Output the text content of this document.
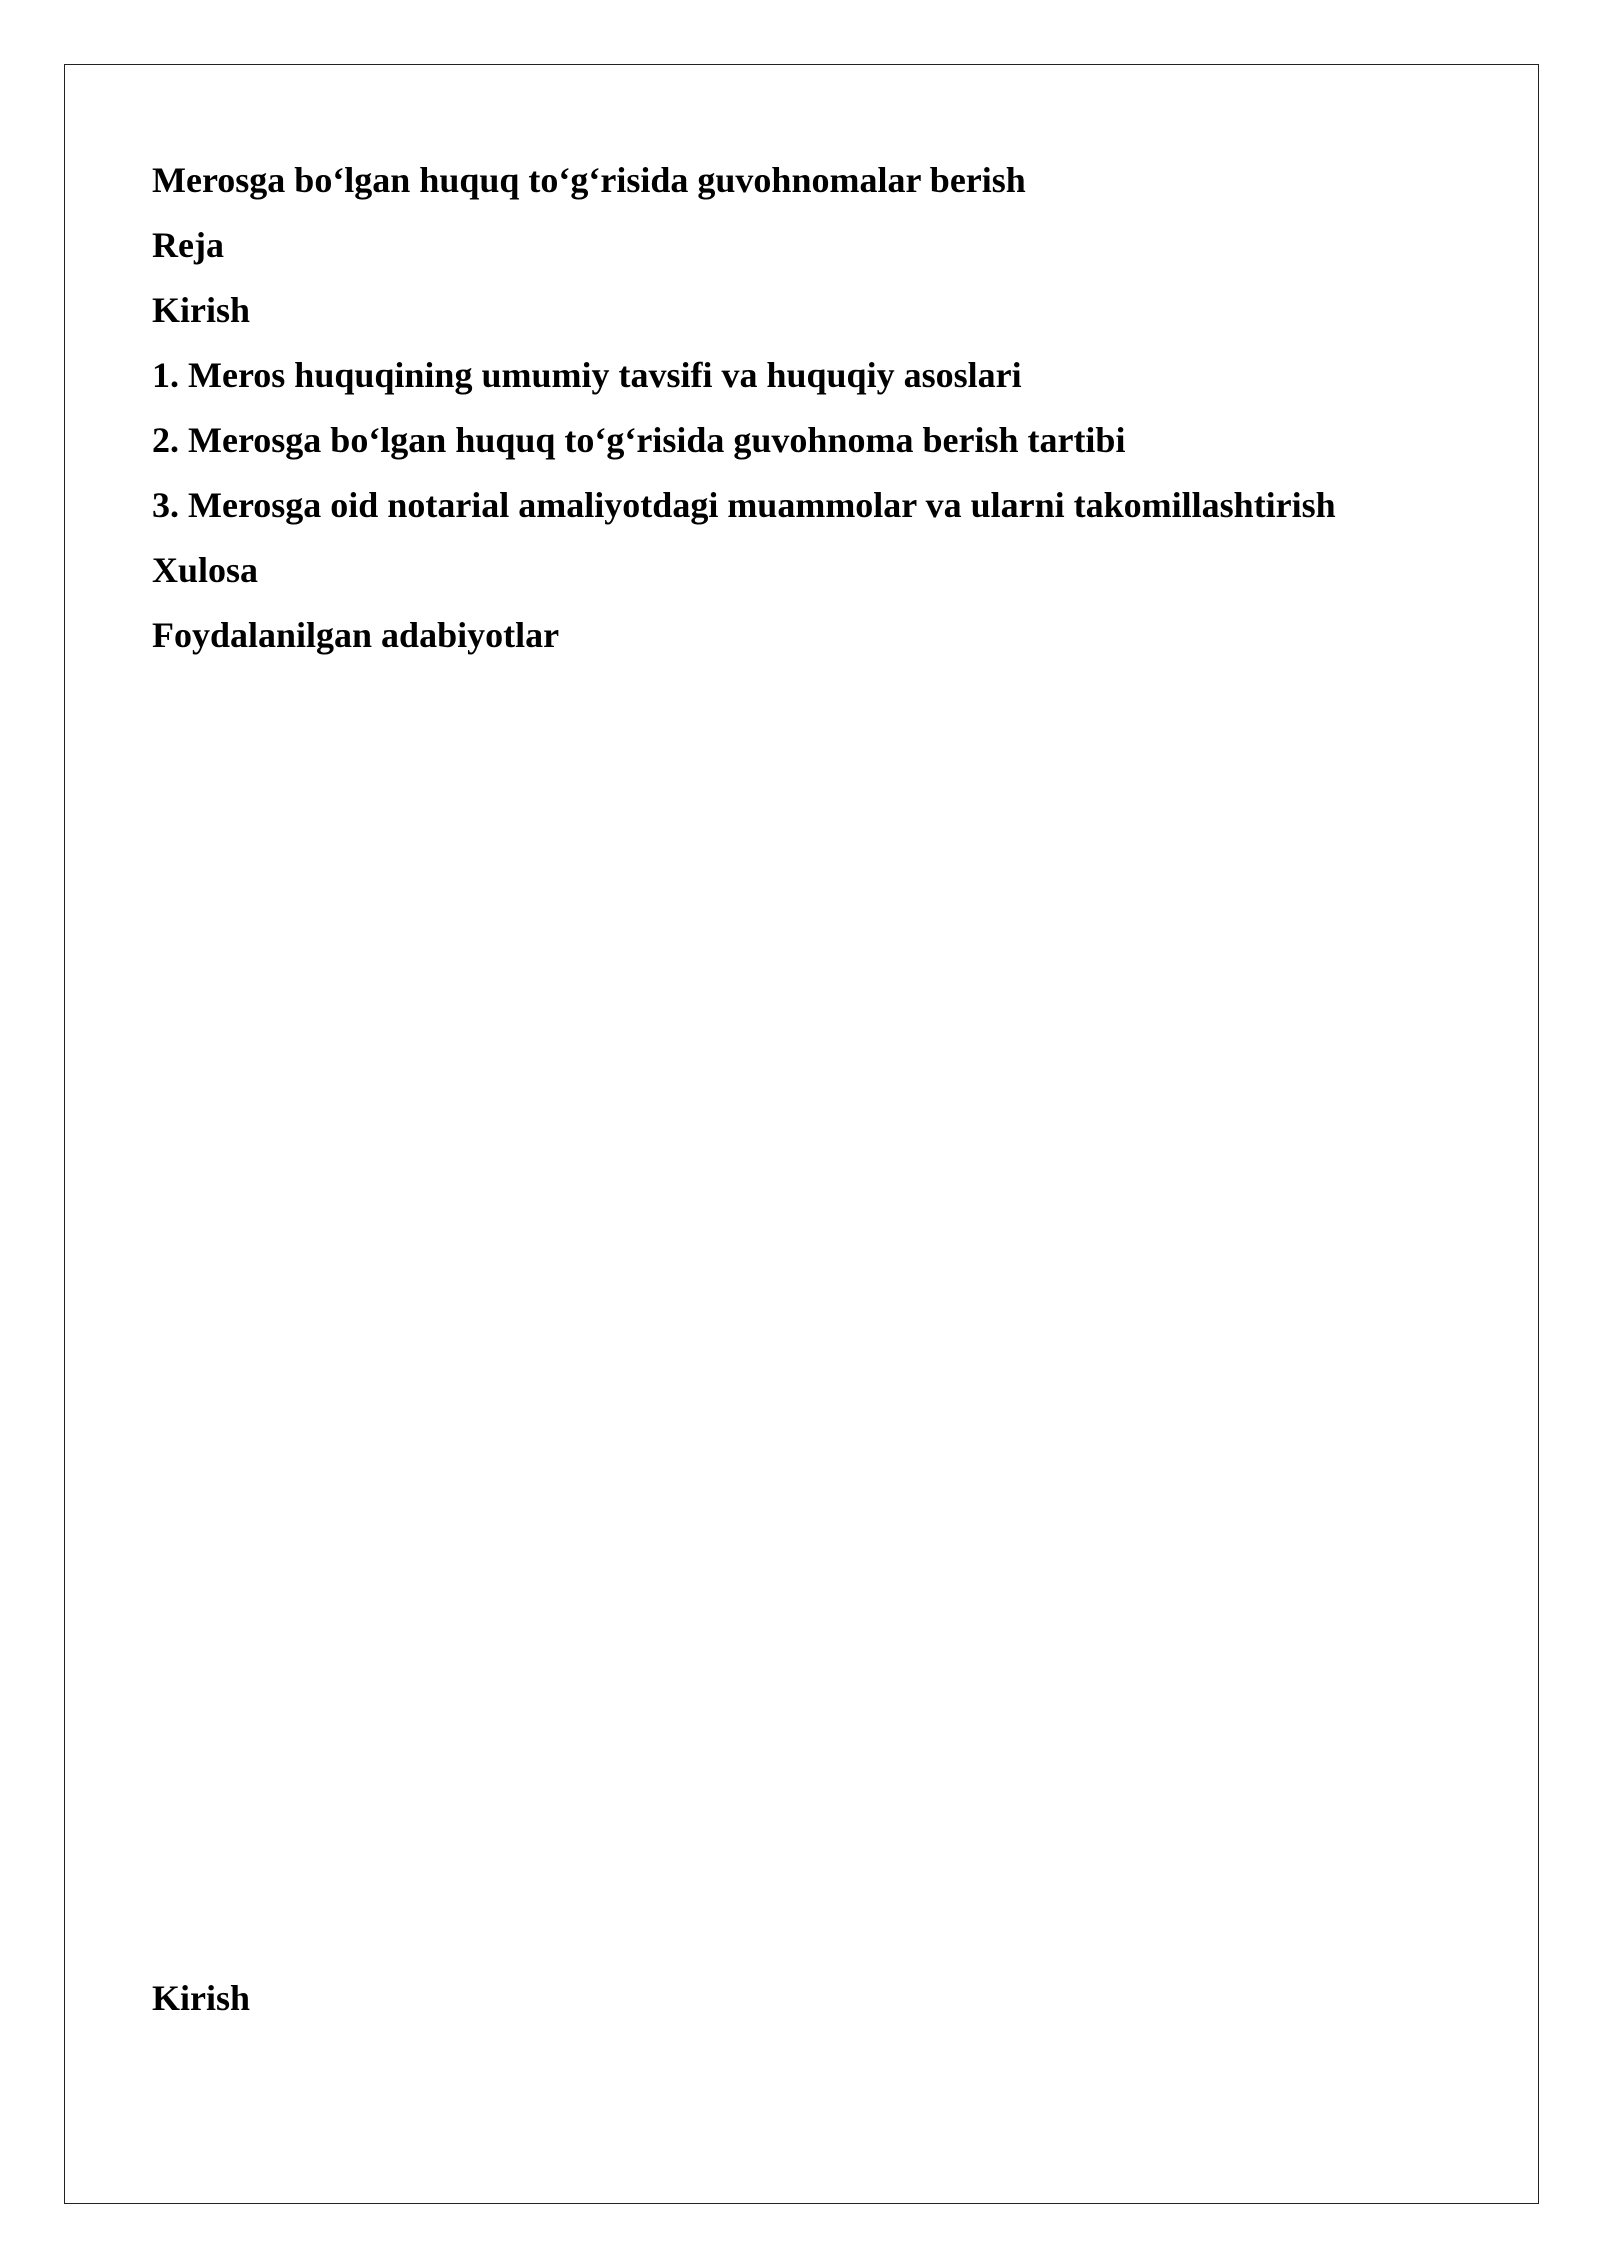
Merosga bo‘lgan huquq to‘g‘risida guvohnomalar berish
Reja
Kirish
1. Meros huquqining umumiy tavsifi va huquqiy asoslari
2. Merosga bo‘lgan huquq to‘g‘risida guvohnoma berish tartibi
3. Merosga oid notarial amaliyotdagi muammolar va ularni takomillashtirish
Xulosa
Foydalanilgan adabiyotlar
Kirish
